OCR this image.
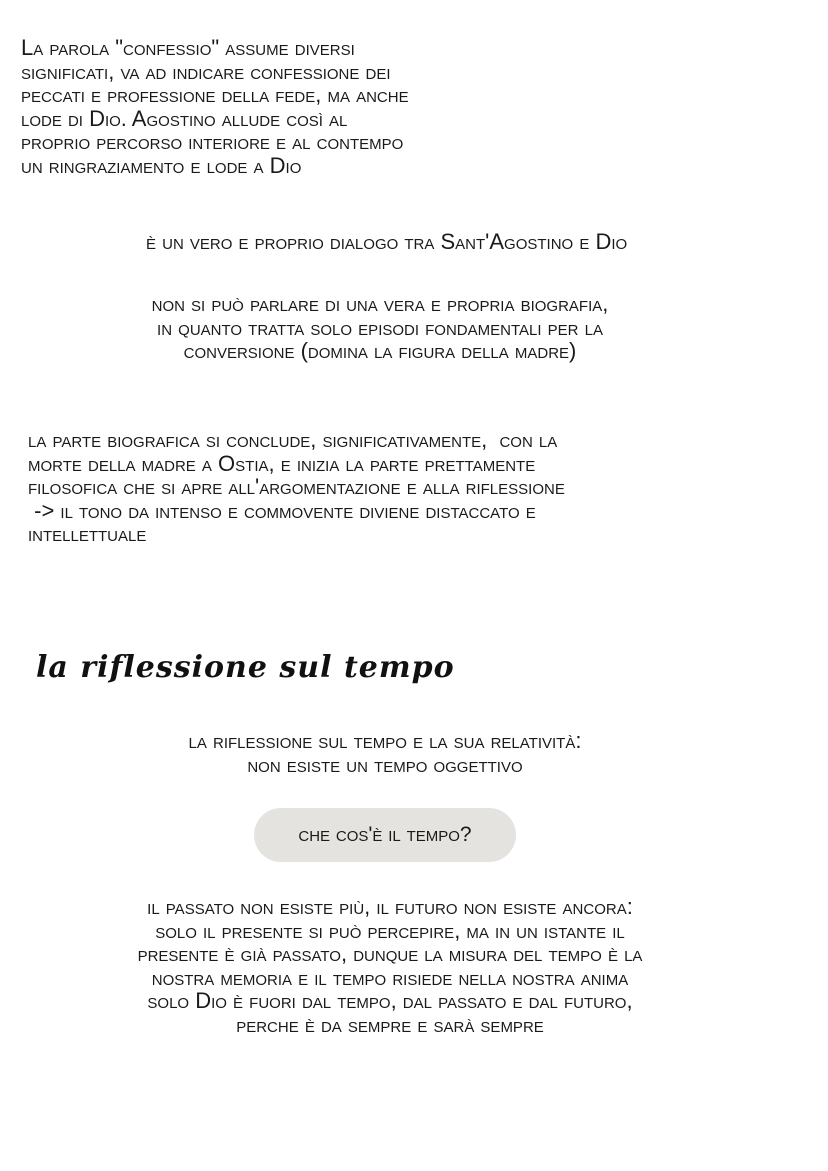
La parola "confessio" assume diversi
significati, va ad indicare confessione dei
peccati e professione della fede, ma anche
lode di Dio. Agostino allude così al
proprio percorso interiore e al contempo
un ringraziamento e lode a Dio
è un vero e proprio dialogo tra Sant'Agostino e Dio
non si può parlare di una vera e propria biografia,
in quanto tratta solo episodi fondamentali per la
conversione (domina la figura della madre)
la parte biografica si conclude, significativamente,  con la
morte della madre a Ostia, e inizia la parte prettamente
filosofica che si apre all'argomentazione e alla riflessione
-> il tono da intenso e commovente diviene distaccato e
intellettuale
la riflessione sul tempo
la riflessione sul tempo e la sua relatività:
non esiste un tempo oggettivo
che cos'è il tempo?
il passato non esiste più, il futuro non esiste ancora:
solo il presente si può percepire, ma in un istante il
presente è già passato, dunque la misura del tempo è la
nostra memoria e il tempo risiede nella nostra anima
solo Dio è fuori dal tempo, dal passato e dal futuro,
perche è da sempre e sarà sempre
